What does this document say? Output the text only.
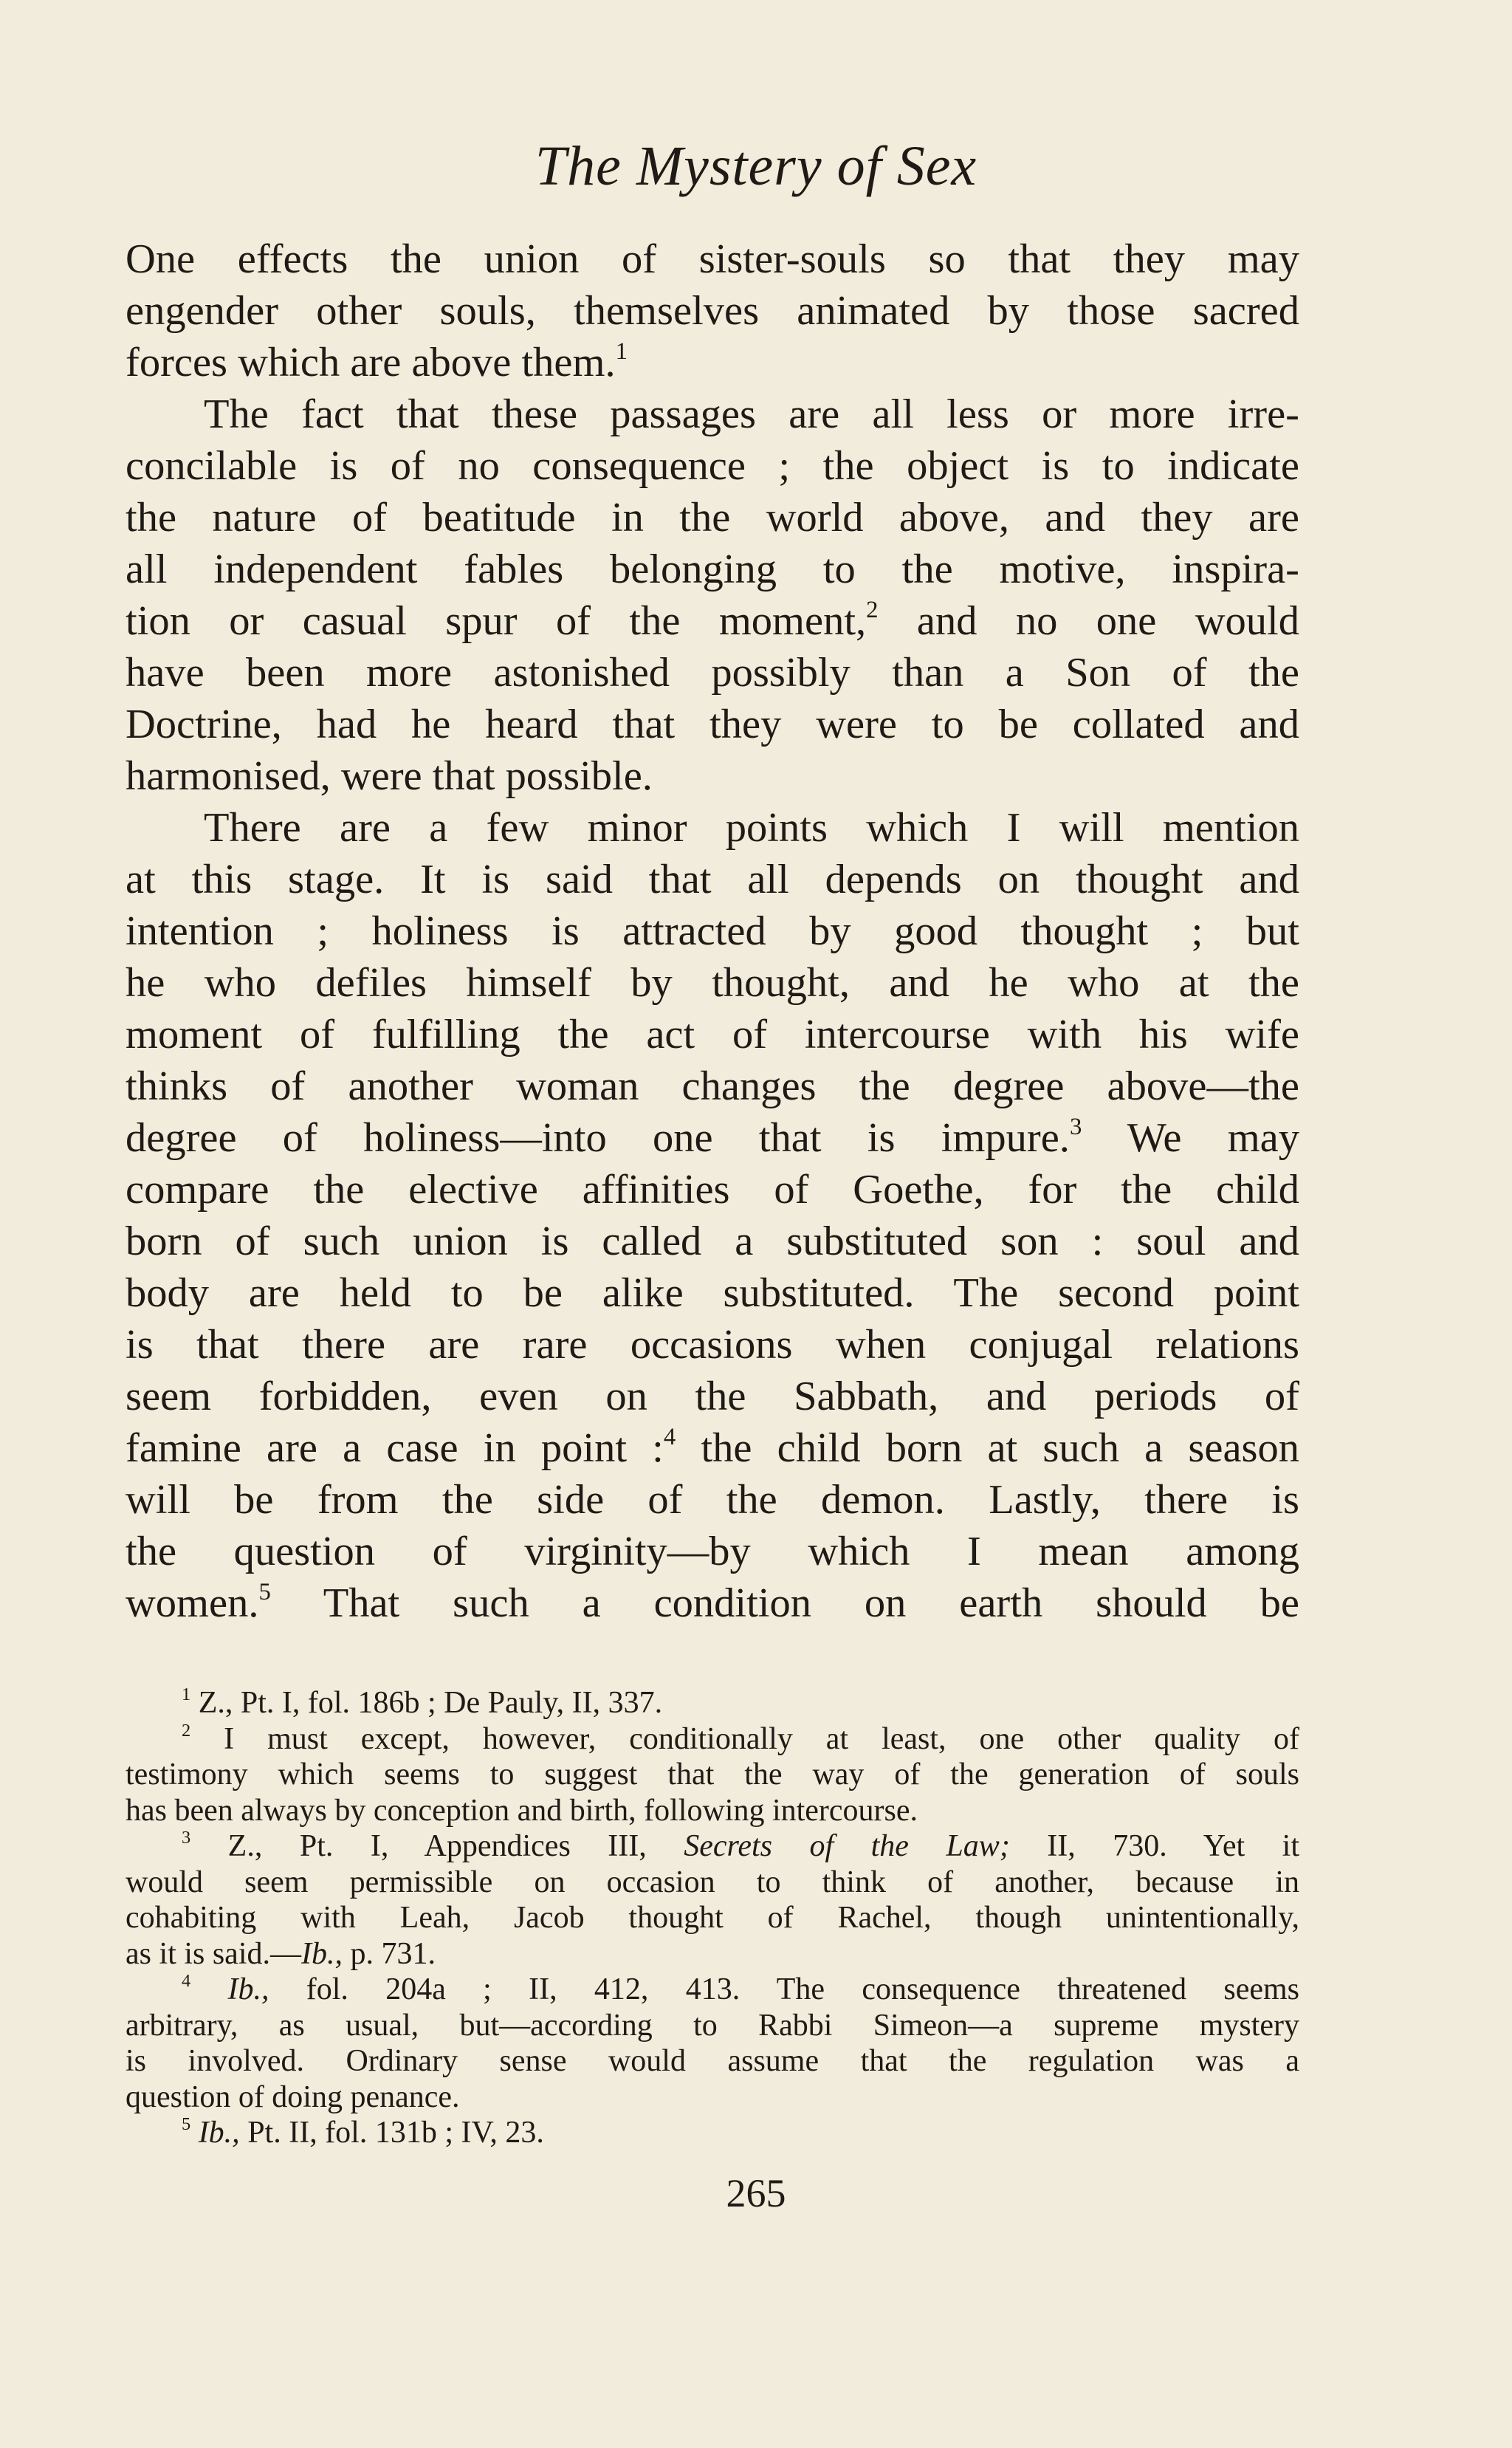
The Mystery of Sex
One effects the union of sister-souls so that they may
engender other souls, themselves animated by those sacred
forces which are above them.$^1$
The fact that these passages are all less or more irre-
concilable is of no consequence ; the object is to indicate
the nature of beatitude in the world above, and they are
all independent fables belonging to the motive, inspira-
tion or casual spur of the moment,$^2$ and no one would
have been more astonished possibly than a Son of the
Doctrine, had he heard that they were to be collated and
harmonised, were that possible.
There are a few minor points which I will mention
at this stage. It is said that all depends on thought and
intention ; holiness is attracted by good thought ; but
he who defiles himself by thought, and he who at the
moment of fulfilling the act of intercourse with his wife
thinks of another woman changes the degree above—the
degree of holiness—into one that is impure.$^3$ We may
compare the elective affinities of Goethe, for the child
born of such union is called a substituted son : soul and
body are held to be alike substituted. The second point
is that there are rare occasions when conjugal relations
seem forbidden, even on the Sabbath, and periods of
famine are a case in point :$^4$ the child born at such a season
will be from the side of the demon. Lastly, there is
the question of virginity—by which I mean among
women.$^5$ That such a condition on earth should be
$^1$ Z., Pt. I, fol. 186b ; De Pauly, II, 337.
$^2$ I must except, however, conditionally at least, one other quality of
testimony which seems to suggest that the way of the generation of souls
has been always by conception and birth, following intercourse.
$^3$ Z., Pt. I, Appendices III, Secrets of the Law; II, 730. Yet it
would seem permissible on occasion to think of another, because in
cohabiting with Leah, Jacob thought of Rachel, though unintentionally,
as it is said.—Ib., p. 731.
$^4$ Ib., fol. 204a ; II, 412, 413. The consequence threatened seems
arbitrary, as usual, but—according to Rabbi Simeon—a supreme mystery
is involved. Ordinary sense would assume that the regulation was a
question of doing penance.
$^5$ Ib., Pt. II, fol. 131b ; IV, 23.
265
